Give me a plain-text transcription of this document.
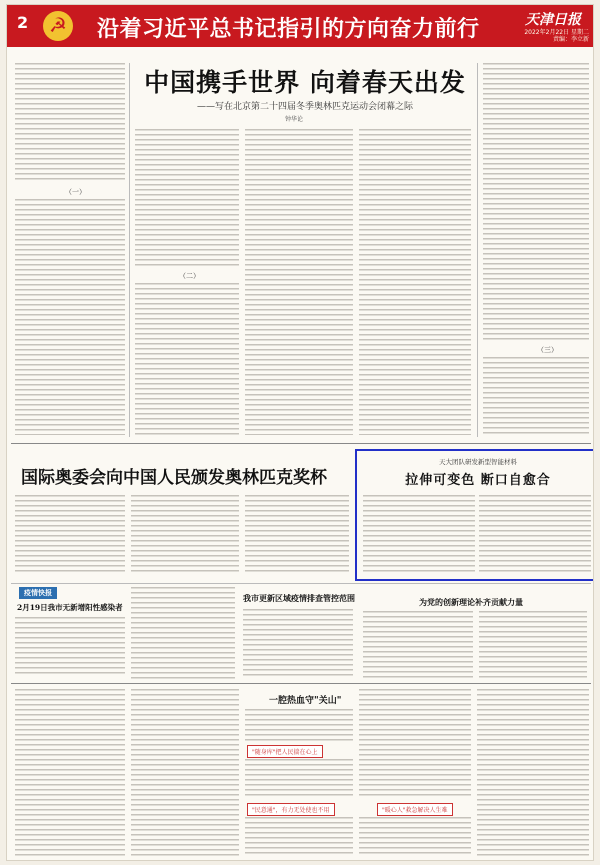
2
☭	沿着习近平总书记指引的方向奋力前行	天津日报
2022年2月22日 星期二
责编：李立新
中国携手世界 向着春天出发
——写在北京第二十四届冬季奥林匹克运动会闭幕之际
钟华论
（一）
（二）
（三）
国际奥委会向中国人民颁发奥林匹克奖杯
天大团队研发新型智能材料
拉伸可变色 断口自愈合
疫情快报
2月19日我市无新增阳性感染者
我市更新区域疫情排查管控范围	为党的创新理论补齐贡献力量
一腔热血守"关山"
"随身库"把人民揣在心上
"民意通"，有力无处使也不用	"暖心人"救急解决人生难
